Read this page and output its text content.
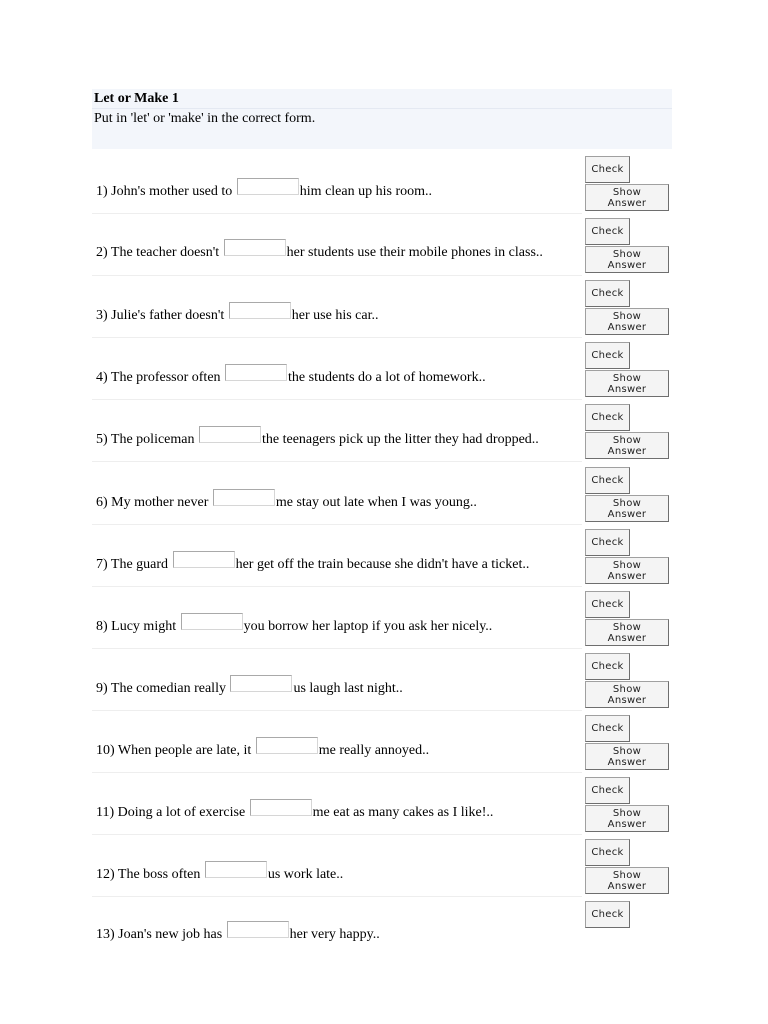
Let or Make 1
Put in 'let' or 'make' in the correct form.
1) John's mother used to	him clean up his room..
Check
Show Answer
2) The teacher doesn't	her students use their mobile phones in class..
Check
Show Answer
3) Julie's father doesn't	her use his car..
Check
Show Answer
4) The professor often	the students do a lot of homework..
Check
Show Answer
5) The policeman	the teenagers pick up the litter they had dropped..
Check
Show Answer
6) My mother never	me stay out late when I was young..
Check
Show Answer
7) The guard	her get off the train because she didn't have a ticket..
Check
Show Answer
8) Lucy might	you borrow her laptop if you ask her nicely..
Check
Show Answer
9) The comedian really	us laugh last night..
Check
Show Answer
10) When people are late, it	me really annoyed..
Check
Show Answer
11) Doing a lot of exercise	me eat as many cakes as I like!..
Check
Show Answer
12) The boss often	us work late..
Check
Show Answer
13) Joan's new job has	her very happy..
Check
